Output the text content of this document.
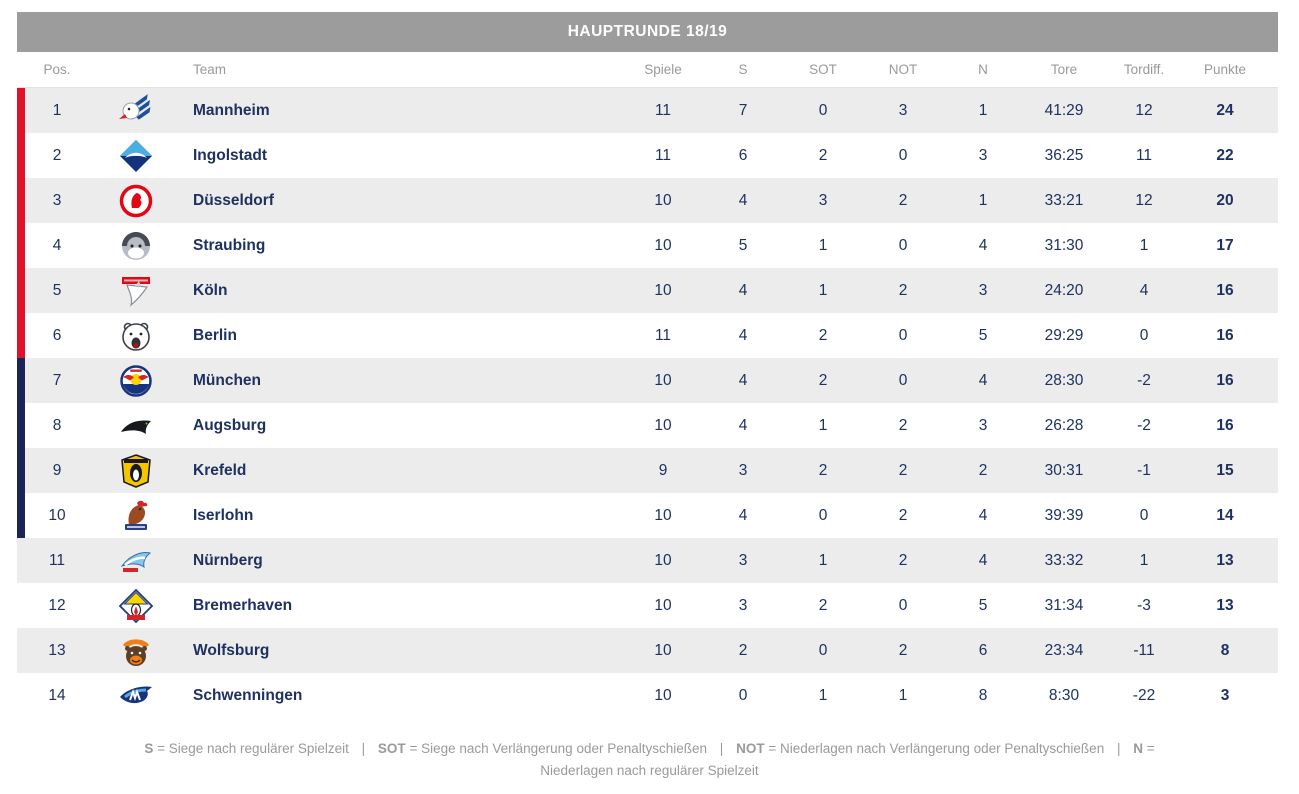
HAUPTRUNDE 18/19
Pos.	Team	Spiele	S	SOT	NOT	N	Tore	Tordiff.	Punkte
1	Mannheim	11	7	0	3	1	41:29	12	24
2	Ingolstadt	11	6	2	0	3	36:25	11	22
3	Düsseldorf	10	4	3	2	1	33:21	12	20
4	Straubing	10	5	1	0	4	31:30	1	17
5	Köln	10	4	1	2	3	24:20	4	16
6	Berlin	11	4	2	0	5	29:29	0	16
7	München	10	4	2	0	4	28:30	-2	16
8	Augsburg	10	4	1	2	3	26:28	-2	16
9	Krefeld	9	3	2	2	2	30:31	-1	15
10	Iserlohn	10	4	0	2	4	39:39	0	14
11	Nürnberg	10	3	1	2	4	33:32	1	13
12	Bremerhaven	10	3	2	0	5	31:34	-3	13
13	Wolfsburg	10	2	0	2	6	23:34	-11	8
14	Schwenningen	10	0	1	1	8	8:30	-22	3
S = Siege nach regulärer Spielzeit | SOT = Siege nach Verlängerung oder Penaltyschießen | NOT = Niederlagen nach Verlängerung oder Penaltyschießen | N = Niederlagen nach regulärer Spielzeit
